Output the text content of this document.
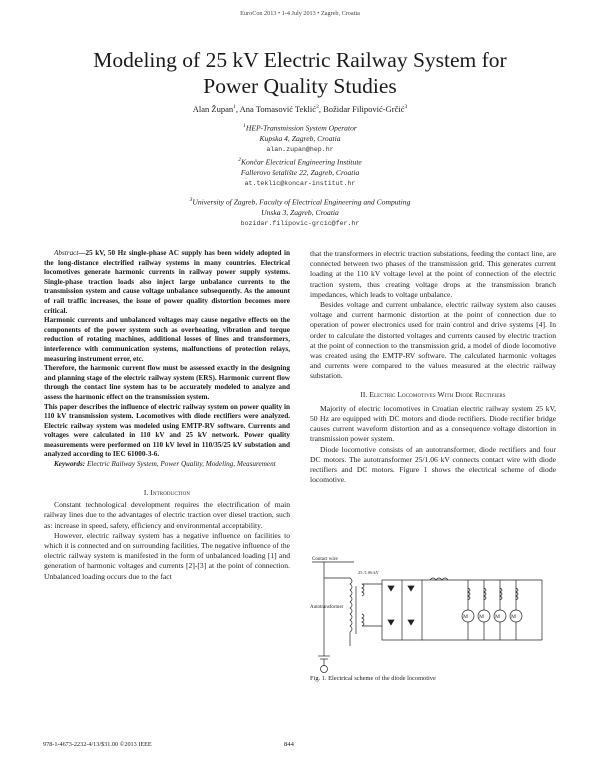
EuroCon 2013 • 1-4 July 2013 • Zagreb, Croatia
Modeling of 25 kV Electric Railway System for
Power Quality Studies
Alan Župan$^1$, Ana Tomasović Teklić$^2$, Božidar Filipović-Grčić$^3$
$^1$HEP-Transmission System Operator
Kupska 4, Zagreb, Croatia
alan.zupan@hep.hr
$^2$Končar Electrical Engineering Institute
Fallerovo šetalište 22, Zagreb, Croatia
at.teklic@koncar-institut.hr
$^3$University of Zagreb, Faculty of Electrical Engineering and Computing
Unska 3, Zagreb, Croatia
bozidar.filipovic-grcic@fer.hr

Abstract—25 kV, 50 Hz single-phase AC supply has been widely adopted in the long-distance electrified railway systems in many countries. Electrical locomotives generate harmonic currents in railway power supply systems. Single-phase traction loads also inject large unbalance currents to the transmission system and cause voltage unbalance subsequently. As the amount of rail traffic increases, the issue of power quality distortion becomes more critical.

Harmonic currents and unbalanced voltages may cause negative effects on the components of the power system such as overheating, vibration and torque reduction of rotating machines, additional losses of lines and transformers, interference with communication systems, malfunctions of protection relays, measuring instrument error, etc.

Therefore, the harmonic current flow must be assessed exactly in the designing and planning stage of the electric railway system (ERS). Harmonic current flow through the contact line system has to be accurately modeled to analyze and assess the harmonic effect on the transmission system.

This paper describes the influence of electric railway system on power quality in 110 kV transmission system. Locomotives with diode rectifiers were analyzed. Electric railway system was modeled using EMTP-RV software. Currents and voltages were calculated in 110 kV and 25 kV network. Power quality measurements were performed on 110 kV level in 110/35/25 kV substation and analyzed according to IEC 61000-3-6.

Keywords: Electric Railway System, Power Quality, Modeling, Measurement

I. Introduction

Constant technological development requires the electrification of main railway lines due to the advantages of electric traction over diesel traction, such as: increase in speed, safety, efficiency and environmental acceptability.

However, electric railway system has a negative influence on facilities to which it is connected and on surrounding facilities. The negative influence of the electric railway system is manifested in the form of unbalanced loading [1] and generation of harmonic voltages and currents [2]-[3] at the point of connection. Unbalanced loading occurs due to the fact

that the transformers in electric traction substations, feeding the contact line, are connected between two phases of the transmission grid. This generates current loading at the 110 kV voltage level at the point of connection of the electric traction system, thus creating voltage drops at the transmission branch impedances, which leads to voltage unbalance.

Besides voltage and current unbalance, electric railway system also causes voltage and current harmonic distortion at the point of connection due to operation of power electronics used for train control and drive systems [4]. In order to calculate the distorted voltages and currents caused by electric traction at the point of connection to the transmission grid, a model of diode locomotive was created using the EMTP-RV software. The calculated harmonic voltages and currents were compared to the values measured at the electric railway substation.

II. Electric Locomotives With Diode Rectifiers

Majority of electric locomotives in Croatian electric railway system 25 kV, 50 Hz are equipped with DC motors and diode rectifiers. Diode rectifier bridge causes current waveform distortion and as a consequence voltage distortion in transmission power system.

Diode locomotive consists of an autotransformer, diode rectifiers and four DC motors. The autotransformer 25/1.06 kV connects contact wire with diode rectifiers and DC motors. Figure 1 shows the electrical scheme of diode locomotive.

M M M M
Contact wire
Autotransformer
25 /1.06 kV
Fig. 1. Electrical scheme of the diode locomotive
978-1-4673-2232-4/13/$31.00 ©2013 IEEE	844
